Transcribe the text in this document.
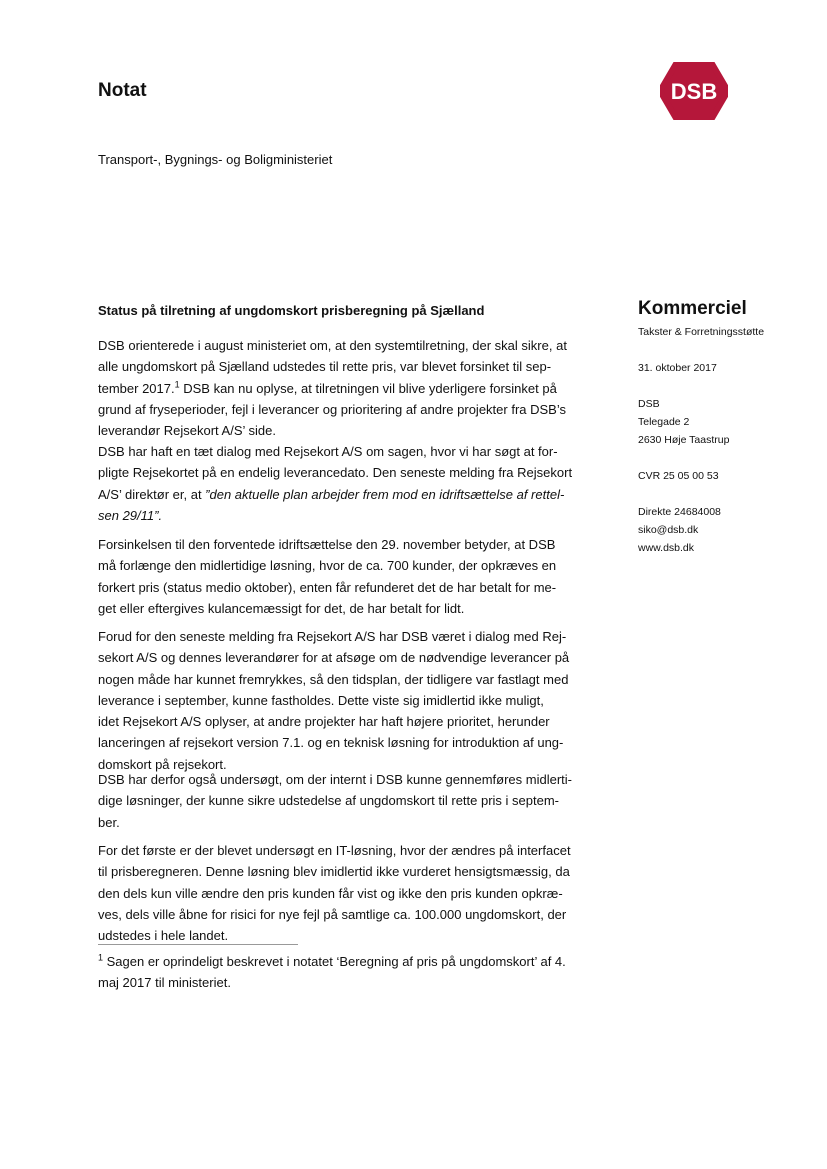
Notat
Transport-, Bygnings- og Boligministeriet
DSB
Kommerciel
Takster & Forretningsstøtte
31. oktober 2017
DSB
Telegade 2
2630 Høje Taastrup
CVR 25 05 00 53
Direkte 24684008
siko@dsb.dk
www.dsb.dk
Status på tilretning af ungdomskort prisberegning på Sjælland
DSB orienterede i august ministeriet om, at den systemtilretning, der skal sikre, at
alle ungdomskort på Sjælland udstedes til rette pris, var blevet forsinket til sep-
tember 2017.$^1$ DSB kan nu oplyse, at tilretningen vil blive yderligere forsinket på
grund af fryseperioder, fejl i leverancer og prioritering af andre projekter fra DSB’s
leverandør Rejsekort A/S’ side.
DSB har haft en tæt dialog med Rejsekort A/S om sagen, hvor vi har søgt at for-
pligte Rejsekortet på en endelig leverancedato. Den seneste melding fra Rejsekort
A/S’ direktør er, at ”den aktuelle plan arbejder frem mod en idriftsættelse af rettel-
sen 29/11”.
Forsinkelsen til den forventede idriftsættelse den 29. november betyder, at DSB
må forlænge den midlertidige løsning, hvor de ca. 700 kunder, der opkræves en
forkert pris (status medio oktober), enten får refunderet det de har betalt for me-
get eller eftergives kulancemæssigt for det, de har betalt for lidt.
Forud for den seneste melding fra Rejsekort A/S har DSB været i dialog med Rej-
sekort A/S og dennes leverandører for at afsøge om de nødvendige leverancer på
nogen måde har kunnet fremrykkes, så den tidsplan, der tidligere var fastlagt med
leverance i september, kunne fastholdes. Dette viste sig imidlertid ikke muligt,
idet Rejsekort A/S oplyser, at andre projekter har haft højere prioritet, herunder
lanceringen af rejsekort version 7.1. og en teknisk løsning for introduktion af ung-
domskort på rejsekort.
DSB har derfor også undersøgt, om der internt i DSB kunne gennemføres midlerti-
dige løsninger, der kunne sikre udstedelse af ungdomskort til rette pris i septem-
ber.
For det første er der blevet undersøgt en IT-løsning, hvor der ændres på interfacet
til prisberegneren. Denne løsning blev imidlertid ikke vurderet hensigtsmæssig, da
den dels kun ville ændre den pris kunden får vist og ikke den pris kunden opkræ-
ves, dels ville åbne for risici for nye fejl på samtlige ca. 100.000 ungdomskort, der
udstedes i hele landet.
$^1$ Sagen er oprindeligt beskrevet i notatet ‘Beregning af pris på ungdomskort’ af 4.
maj 2017 til ministeriet.
